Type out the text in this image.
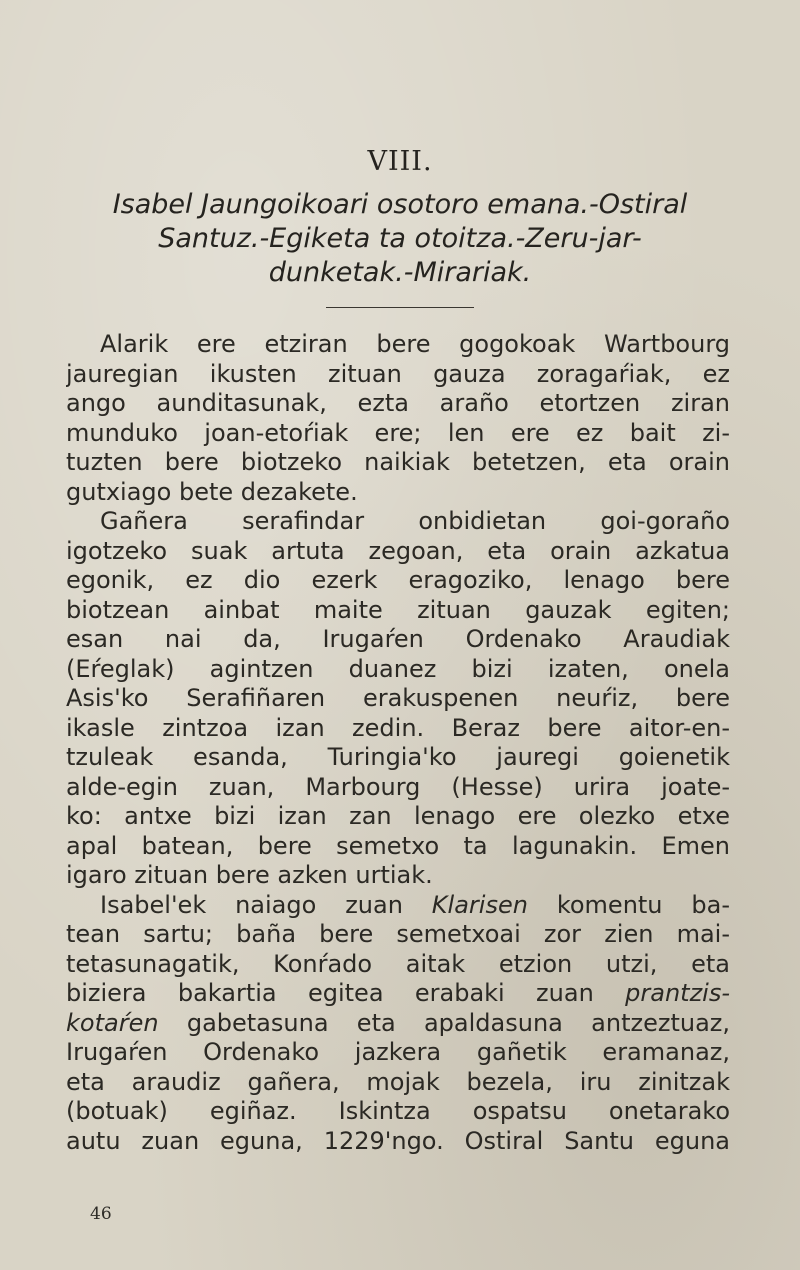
VIII.
Isabel Jaungoikoari osotoro emana.-Ostiral
Santuz.-Egiketa ta otoitza.-Zeru-jar-
dunketak.-Mirariak.
Alarik ere etziran bere gogokoak Wartbourg
jauregian ikusten zituan gauza zoragaŕiak, ez
ango aunditasunak, ezta araño etortzen ziran
munduko joan-etoŕiak ere; len ere ez bait zi-
tuzten bere biotzeko naikiak betetzen, eta orain
gutxiago bete dezakete.
Gañera serafindar onbidietan goi-goraño
igotzeko suak artuta zegoan, eta orain azkatua
egonik, ez dio ezerk eragoziko, lenago bere
biotzean ainbat maite zituan gauzak egiten;
esan nai da, Irugaŕen Ordenako Araudiak
(Eŕeglak) agintzen duanez bizi izaten, onela
Asis'ko Serafiñaren erakuspenen neuŕiz, bere
ikasle zintzoa izan zedin. Beraz bere aitor-en-
tzuleak esanda, Turingia'ko jauregi goienetik
alde-egin zuan, Marbourg (Hesse) urira joate-
ko: antxe bizi izan zan lenago ere olezko etxe
apal batean, bere semetxo ta lagunakin. Emen
igaro zituan bere azken urtiak.
Isabel'ek naiago zuan Klarisen komentu ba-
tean sartu; baña bere semetxoai zor zien mai-
tetasunagatik, Konŕado aitak etzion utzi, eta
biziera bakartia egitea erabaki zuan prantzis-
kotaŕen gabetasuna eta apaldasuna antzeztuaz,
Irugaŕen Ordenako jazkera gañetik eramanaz,
eta araudiz gañera, mojak bezela, iru zinitzak
(botuak) egiñaz. Iskintza ospatsu onetarako
autu zuan eguna, 1229'ngo. Ostiral Santu eguna
46
